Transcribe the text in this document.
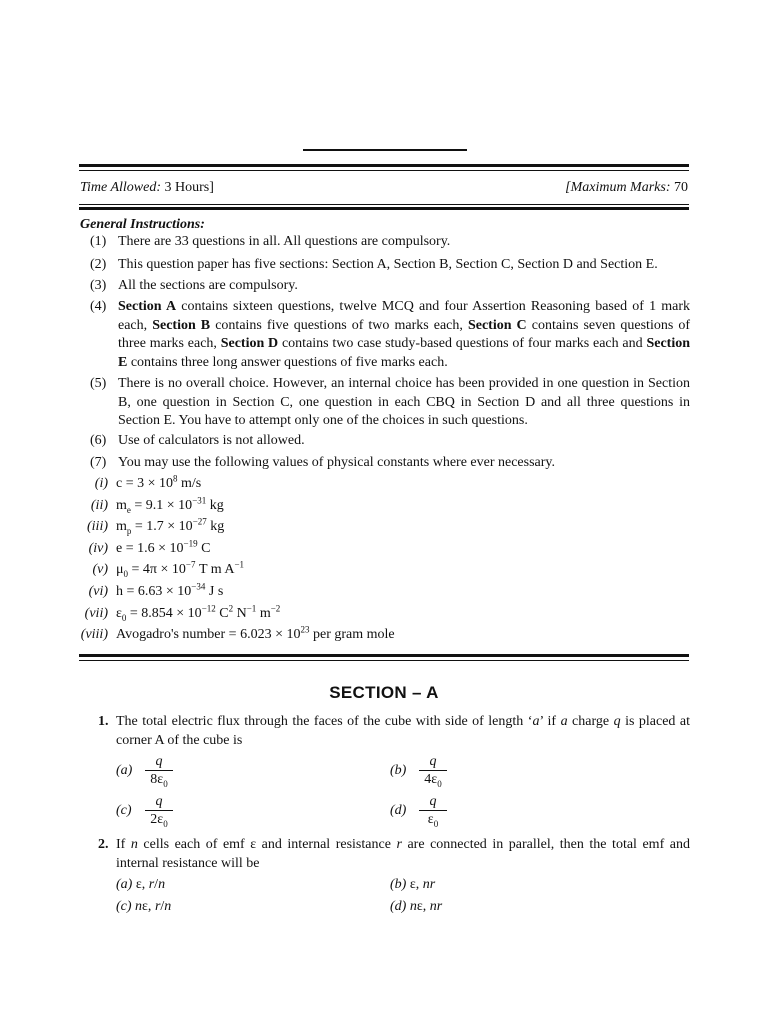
Time Allowed: 3 Hours]	[Maximum Marks: 70
General Instructions:
(1) There are 33 questions in all. All questions are compulsory.
(2) This question paper has five sections: Section A, Section B, Section C, Section D and Section E.
(3) All the sections are compulsory.
(4) Section A contains sixteen questions, twelve MCQ and four Assertion Reasoning based of 1 mark each, Section B contains five questions of two marks each, Section C contains seven questions of three marks each, Section D contains two case study-based questions of four marks each and Section E contains three long answer questions of five marks each.
(5) There is no overall choice. However, an internal choice has been provided in one question in Section B, one question in Section C, one question in each CBQ in Section D and all three questions in Section E. You have to attempt only one of the choices in such questions.
(6) Use of calculators is not allowed.
(7) You may use the following values of physical constants where ever necessary.
(i) $c = 3 \times 10^8$ m/s
(ii) $m_e = 9.1 \times 10^{-31}$ kg
(iii) $m_p = 1.7 \times 10^{-27}$ kg
(iv) $e = 1.6 \times 10^{-19}$ C
(v) $\mu_0 = 4\pi \times 10^{-7}$ T m $A^{-1}$
(vi) $h = 6.63 \times 10^{-34}$ J s
(vii) $\varepsilon_0 = 8.854 \times 10^{-12}$ $C^2$ $N^{-1}$ $m^{-2}$
(viii) Avogadro's number = $6.023 \times 10^{23}$ per gram mole
SECTION – A
1. The total electric flux through the faces of the cube with side of length ‘a’ if a charge q is placed at corner A of the cube is
(a)
q
$8\varepsilon_0$
(b)
q
$4\varepsilon_0$
(c)
q
$2\varepsilon_0$
(d)
q
$\varepsilon_0$
2. If n cells each of emf ε and internal resistance r are connected in parallel, then the total emf and internal resistance will be
(a) ε, r/n	(b) ε, nr
(c) nε, r/n	(d) nε, nr
